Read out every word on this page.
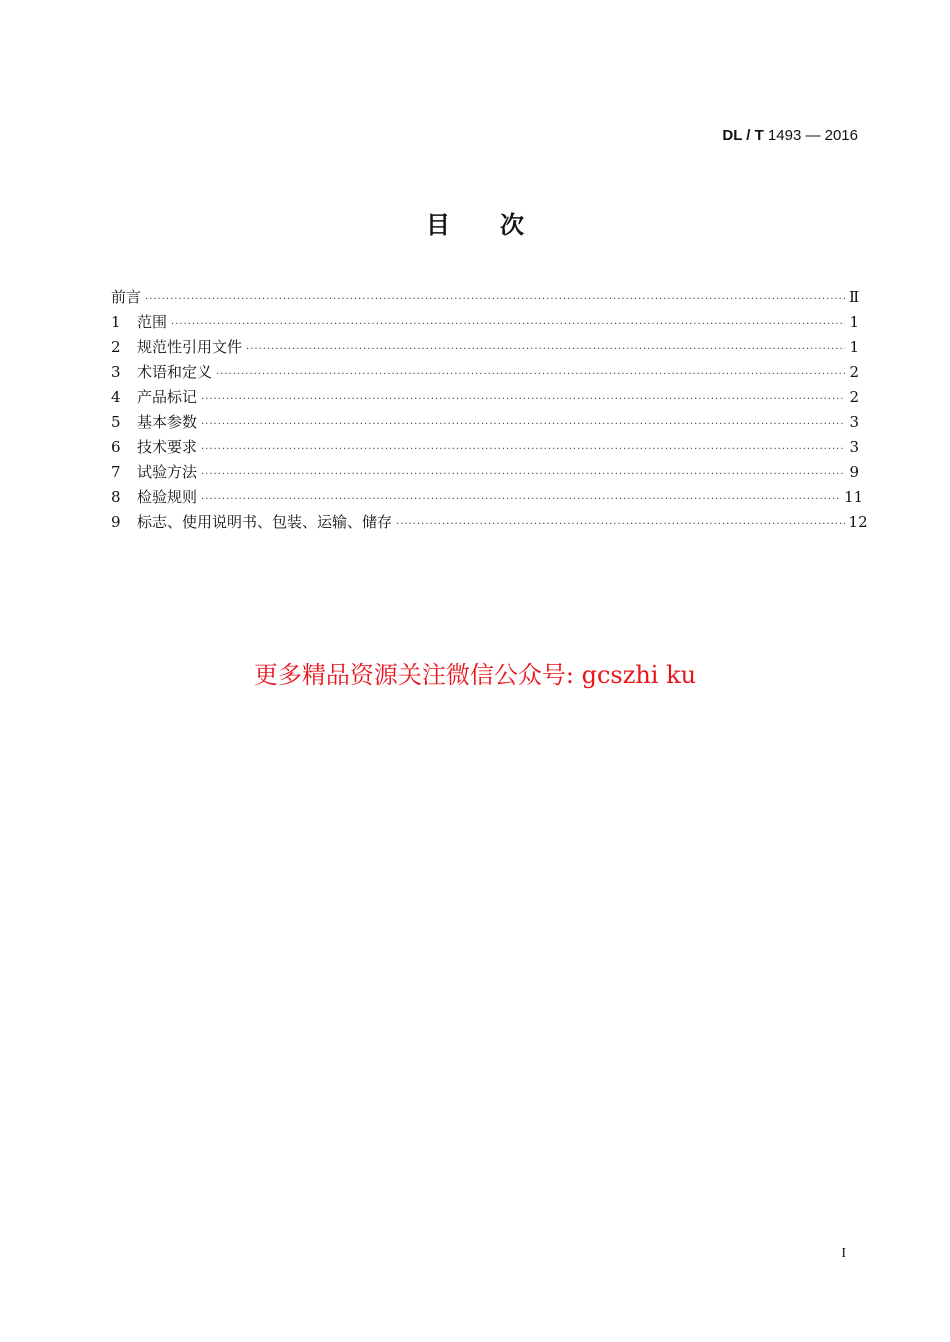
DL / T 1493 — 2016
目次
前言 ·····	Ⅱ
1	范围 ·····	1
2	规范性引用文件 ·····	1
3	术语和定义 ·····	2
4	产品标记 ·····	2
5	基本参数 ·····	3
6	技术要求 ·····	3
7	试验方法 ·····	9
8	检验规则 ·····	11
9	标志、使用说明书、包装、运输、储存 ·····	12
更多精品资源关注微信公众号: gcszhi ku
I
